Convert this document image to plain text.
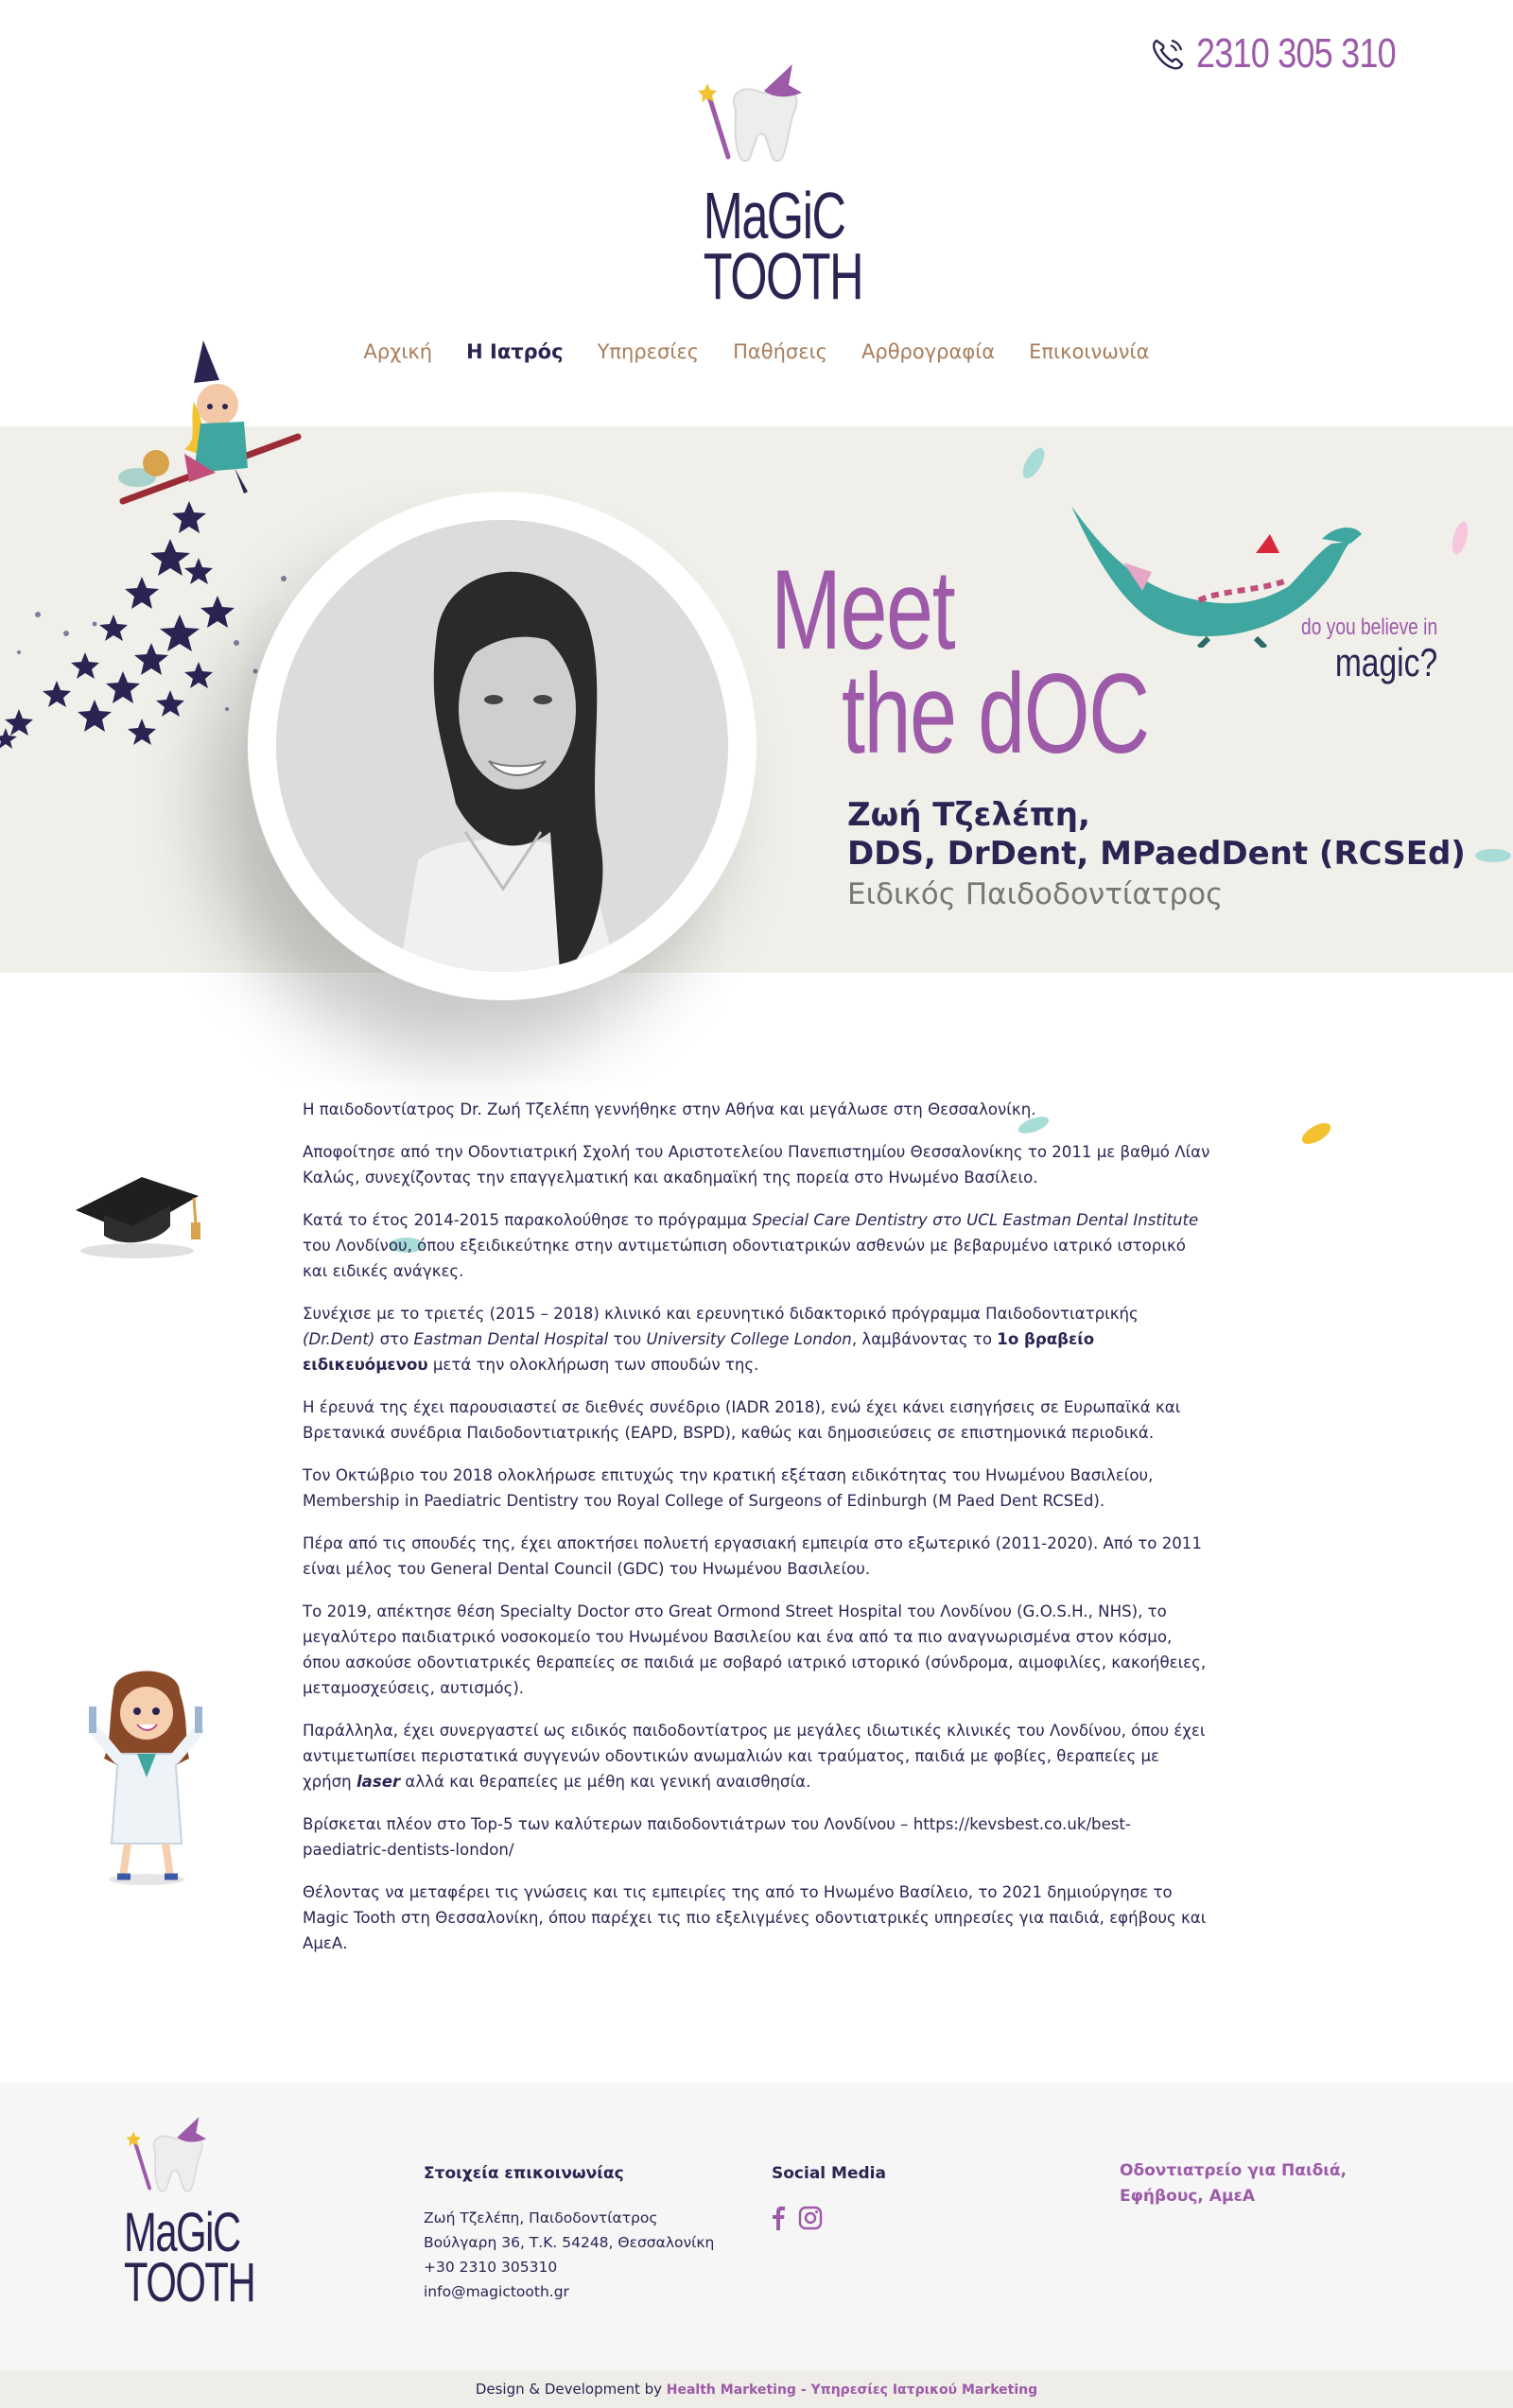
2310 305 310
MaGiC
TOOTH
Αρχική	Η Ιατρός	Υπηρεσίες	Παθήσεις	Αρθρογραφία	Επικοινωνία
Meet
the dOC
Ζωή Τζελέπη,
DDS, DrDent, MPaedDent (RCSEd)
Ειδικός Παιδοδοντίατρος
do you believe in
magic?

Η παιδοδοντίατρος Dr. Ζωή Τζελέπη γεννήθηκε στην Αθήνα και μεγάλωσε στη Θεσσαλονίκη.

Αποφοίτησε από την Οδοντιατρική Σχολή του Αριστοτελείου Πανεπιστημίου Θεσσαλονίκης το 2011 με βαθμό Λίαν Καλώς, συνεχίζοντας την επαγγελματική και ακαδημαϊκή της πορεία στο Ηνωμένο Βασίλειο.

Κατά το έτος 2014-2015 παρακολούθησε το πρόγραμμα Special Care Dentistry στο UCL Eastman Dental Institute του Λονδίνου, όπου εξειδικεύτηκε στην αντιμετώπιση οδοντιατρικών ασθενών με βεβαρυμένο ιατρικό ιστορικό και ειδικές ανάγκες.

Συνέχισε με το τριετές (2015 – 2018) κλινικό και ερευνητικό διδακτορικό πρόγραμμα Παιδοδοντιατρικής (Dr.Dent) στο Eastman Dental Hospital του University College London, λαμβάνοντας το 1ο βραβείο ειδικευόμενου μετά την ολοκλήρωση των σπουδών της.

Η έρευνά της έχει παρουσιαστεί σε διεθνές συνέδριο (IADR 2018), ενώ έχει κάνει εισηγήσεις σε Ευρωπαϊκά και Βρετανικά συνέδρια Παιδοδοντιατρικής (EAPD, BSPD), καθώς και δημοσιεύσεις σε επιστημονικά περιοδικά.

Τον Οκτώβριο του 2018 ολοκλήρωσε επιτυχώς την κρατική εξέταση ειδικότητας του Ηνωμένου Βασιλείου, Membership in Paediatric Dentistry του Royal College of Surgeons of Edinburgh (M Paed Dent RCSEd).

Πέρα από τις σπουδές της, έχει αποκτήσει πολυετή εργασιακή εμπειρία στο εξωτερικό (2011-2020). Από το 2011 είναι μέλος του General Dental Council (GDC) του Ηνωμένου Βασιλείου.

Το 2019, απέκτησε θέση Specialty Doctor στο Great Ormond Street Hospital του Λονδίνου (G.O.S.H., NHS), το μεγαλύτερο παιδιατρικό νοσοκομείο του Ηνωμένου Βασιλείου και ένα από τα πιο αναγνωρισμένα στον κόσμο, όπου ασκούσε οδοντιατρικές θεραπείες σε παιδιά με σοβαρό ιατρικό ιστορικό (σύνδρομα, αιμοφιλίες, κακοήθειες, μεταμοσχεύσεις, αυτισμός).

Παράλληλα, έχει συνεργαστεί ως ειδικός παιδοδοντίατρος με μεγάλες ιδιωτικές κλινικές του Λονδίνου, όπου έχει αντιμετωπίσει περιστατικά συγγενών οδοντικών ανωμαλιών και τραύματος, παιδιά με φοβίες, θεραπείες με χρήση laser αλλά και θεραπείες με μέθη και γενική αναισθησία.

Βρίσκεται πλέον στο Top-5 των καλύτερων παιδοδοντιάτρων του Λονδίνου – https://kevsbest.co.uk/best-paediatric-dentists-london/

Θέλοντας να μεταφέρει τις γνώσεις και τις εμπειρίες της από το Ηνωμένο Βασίλειο, το 2021 δημιούργησε το Magic Tooth στη Θεσσαλονίκη, όπου παρέχει τις πιο εξελιγμένες οδοντιατρικές υπηρεσίες για παιδιά, εφήβους και ΑμεΑ.

MaGiC
TOOTH
Στοιχεία επικοινωνίας

Ζωή Τζελέπη, Παιδοδοντίατρος

Βούλγαρη 36, Τ.Κ. 54248, Θεσσαλονίκη

+30 2310 305310

info@magictooth.gr

Social Media	Οδοντιατρείο για Παιδιά, Εφήβους, ΑμεΑ
Design & Development by Health Marketing - Υπηρεσίες Ιατρικού Marketing
